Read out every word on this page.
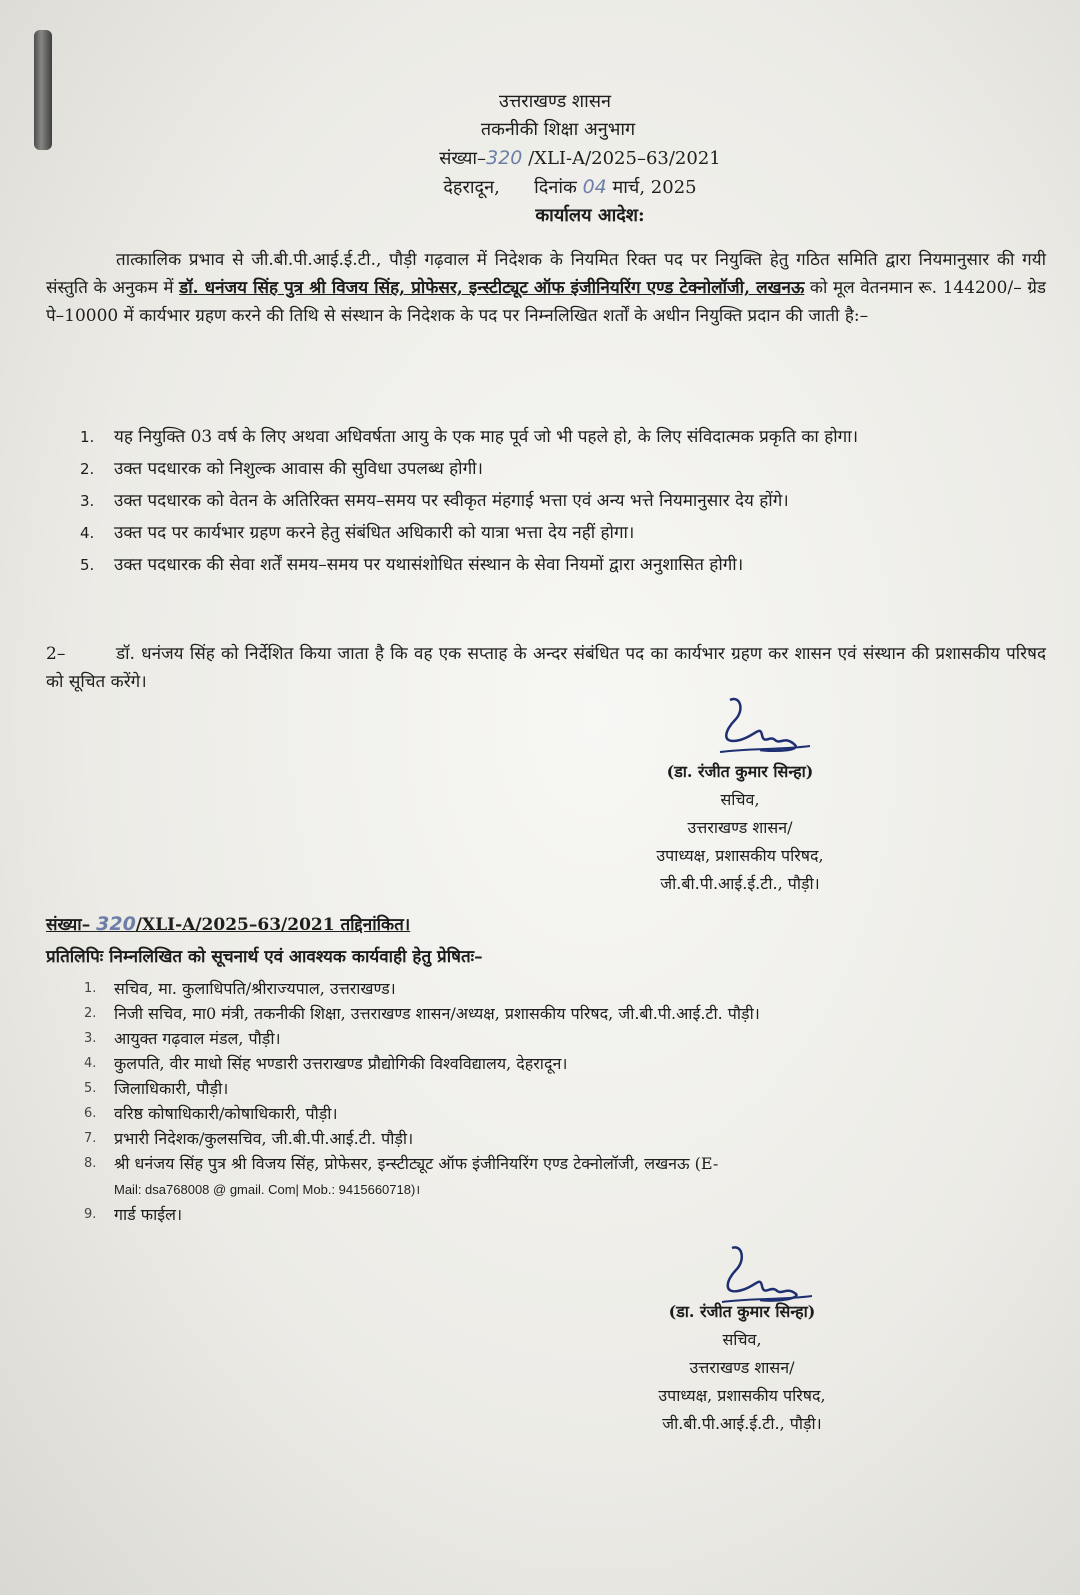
उत्तराखण्ड शासन
तकनीकी शिक्षा अनुभाग
संख्या–320 /XLI-A/2025–63/2021
देहरादून, दिनांक 04 मार्च, 2025
कार्यालय आदेश:
तात्कालिक प्रभाव से जी.बी.पी.आई.ई.टी., पौड़ी गढ़वाल में निदेशक के नियमित रिक्त पद पर नियुक्ति हेतु गठित समिति द्वारा नियमानुसार की गयी संस्तुति के अनुकम में डॉ. धनंजय सिंह पुत्र श्री विजय सिंह, प्रोफेसर, इन्स्टीट्यूट ऑफ इंजीनियरिंग एण्ड टेक्नोलॉजी, लखनऊ को मूल वेतनमान रू. 144200/– ग्रेड पे–10000 में कार्यभार ग्रहण करने की तिथि से संस्थान के निदेशक के पद पर निम्नलिखित शर्तों के अधीन नियुक्ति प्रदान की जाती है:–
1.	यह नियुक्ति 03 वर्ष के लिए अथवा अधिवर्षता आयु के एक माह पूर्व जो भी पहले हो, के लिए संविदात्मक प्रकृति का होगा।
2.	उक्त पदधारक को निशुल्क आवास की सुविधा उपलब्ध होगी।
3.	उक्त पदधारक को वेतन के अतिरिक्त समय–समय पर स्वीकृत मंहगाई भत्ता एवं अन्य भत्ते नियमानुसार देय होंगे।
4.	उक्त पद पर कार्यभार ग्रहण करने हेतु संबंधित अधिकारी को यात्रा भत्ता देय नहीं होगा।
5.	उक्त पदधारक की सेवा शर्तें समय–समय पर यथासंशोधित संस्थान के सेवा नियमों द्वारा अनुशासित होगी।
2–	डॉ. धनंजय सिंह को निर्देशित किया जाता है कि वह एक सप्ताह के अन्दर संबंधित पद का कार्यभार ग्रहण कर शासन एवं संस्थान की प्रशासकीय परिषद को सूचित करेंगे।
(डा. रंजीत कुमार सिन्हा)
सचिव,
उत्तराखण्ड शासन/
उपाध्यक्ष, प्रशासकीय परिषद,
जी.बी.पी.आई.ई.टी., पौड़ी।
संख्या– 320/XLI-A/2025–63/2021 तद्दिनांकित।
प्रतिलिपिः निम्नलिखित को सूचनार्थ एवं आवश्यक कार्यवाही हेतु प्रेषितः–
1.	सचिव, मा. कुलाधिपति/श्रीराज्यपाल, उत्तराखण्ड।
2.	निजी सचिव, मा0 मंत्री, तकनीकी शिक्षा, उत्तराखण्ड शासन/अध्यक्ष, प्रशासकीय परिषद, जी.बी.पी.आई.टी. पौड़ी।
3.	आयुक्त गढ़वाल मंडल, पौड़ी।
4.	कुलपति, वीर माधो सिंह भण्डारी उत्तराखण्ड प्रौद्योगिकी विश्वविद्यालय, देहरादून।
5.	जिलाधिकारी, पौड़ी।
6.	वरिष्ठ कोषाधिकारी/कोषाधिकारी, पौड़ी।
7.	प्रभारी निदेशक/कुलसचिव, जी.बी.पी.आई.टी. पौड़ी।
8.	श्री धनंजय सिंह पुत्र श्री विजय सिंह, प्रोफेसर, इन्स्टीट्यूट ऑफ इंजीनियरिंग एण्ड टेक्नोलॉजी, लखनऊ (E-
Mail: dsa768008 @ gmail. Com| Mob.: 9415660718)।
9.	गार्ड फाईल।
(डा. रंजीत कुमार सिन्हा)
सचिव,
उत्तराखण्ड शासन/
उपाध्यक्ष, प्रशासकीय परिषद,
जी.बी.पी.आई.ई.टी., पौड़ी।
